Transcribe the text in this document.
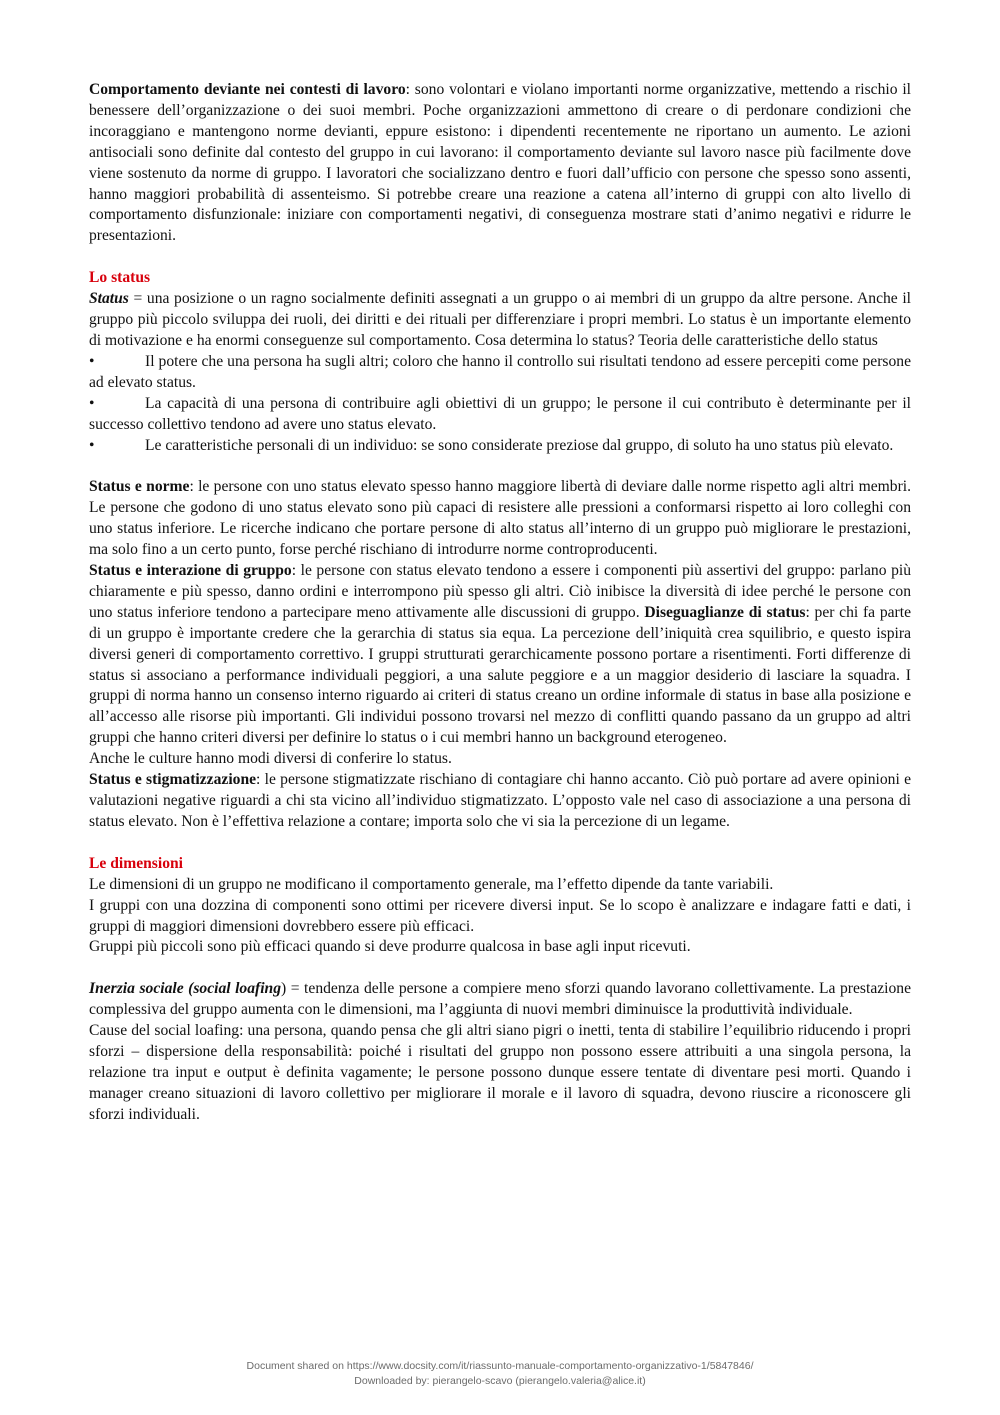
Comportamento deviante nei contesti di lavoro: sono volontari e violano importanti norme organizzative, mettendo a rischio il benessere dell’organizzazione o dei suoi membri. Poche organizzazioni ammettono di creare o di perdonare condizioni che incoraggiano e mantengono norme devianti, eppure esistono: i dipendenti recentemente ne riportano un aumento. Le azioni antisociali sono definite dal contesto del gruppo in cui lavorano: il comportamento deviante sul lavoro nasce più facilmente dove viene sostenuto da norme di gruppo. I lavoratori che socializzano dentro e fuori dall’ufficio con persone che spesso sono assenti, hanno maggiori probabilità di assenteismo. Si potrebbe creare una reazione a catena all’interno di gruppi con alto livello di comportamento disfunzionale: iniziare con comportamenti negativi, di conseguenza mostrare stati d’animo negativi e ridurre le presentazioni.

Lo status

Status = una posizione o un ragno socialmente definiti assegnati a un gruppo o ai membri di un gruppo da altre persone. Anche il gruppo più piccolo sviluppa dei ruoli, dei diritti e dei rituali per differenziare i propri membri. Lo status è un importante elemento di motivazione e ha enormi conseguenze sul comportamento. Cosa determina lo status? Teoria delle caratteristiche dello status

•	Il potere che una persona ha sugli altri; coloro che hanno il controllo sui risultati tendono ad essere percepiti come persone ad elevato status.

•	La capacità di una persona di contribuire agli obiettivi di un gruppo; le persone il cui contributo è determinante per il successo collettivo tendono ad avere uno status elevato.

•	Le caratteristiche personali di un individuo: se sono considerate preziose dal gruppo, di soluto ha uno status più elevato.

Status e norme: le persone con uno status elevato spesso hanno maggiore libertà di deviare dalle norme rispetto agli altri membri. Le persone che godono di uno status elevato sono più capaci di resistere alle pressioni a conformarsi rispetto ai loro colleghi con uno status inferiore. Le ricerche indicano che portare persone di alto status all’interno di un gruppo può migliorare le prestazioni, ma solo fino a un certo punto, forse perché rischiano di introdurre norme controproducenti.

Status e interazione di gruppo: le persone con status elevato tendono a essere i componenti più assertivi del gruppo: parlano più chiaramente e più spesso, danno ordini e interrompono più spesso gli altri. Ciò inibisce la diversità di idee perché le persone con uno status inferiore tendono a partecipare meno attivamente alle discussioni di gruppo. Diseguaglianze di status: per chi fa parte di un gruppo è importante credere che la gerarchia di status sia equa. La percezione dell’iniquità crea squilibrio, e questo ispira diversi generi di comportamento correttivo. I gruppi strutturati gerarchicamente possono portare a risentimenti. Forti differenze di status si associano a performance individuali peggiori, a una salute peggiore e a un maggior desiderio di lasciare la squadra. I gruppi di norma hanno un consenso interno riguardo ai criteri di status creano un ordine informale di status in base alla posizione e all’accesso alle risorse più importanti. Gli individui possono trovarsi nel mezzo di conflitti quando passano da un gruppo ad altri gruppi che hanno criteri diversi per definire lo status o i cui membri hanno un background eterogeneo.

Anche le culture hanno modi diversi di conferire lo status.

Status e stigmatizzazione: le persone stigmatizzate rischiano di contagiare chi hanno accanto. Ciò può portare ad avere opinioni e valutazioni negative riguardi a chi sta vicino all’individuo stigmatizzato. L’opposto vale nel caso di associazione a una persona di status elevato. Non è l’effettiva relazione a contare; importa solo che vi sia la percezione di un legame.

Le dimensioni

Le dimensioni di un gruppo ne modificano il comportamento generale, ma l’effetto dipende da tante variabili.

I gruppi con una dozzina di componenti sono ottimi per ricevere diversi input. Se lo scopo è analizzare e indagare fatti e dati, i gruppi di maggiori dimensioni dovrebbero essere più efficaci.

Gruppi più piccoli sono più efficaci quando si deve produrre qualcosa in base agli input ricevuti.

Inerzia sociale (social loafing) = tendenza delle persone a compiere meno sforzi quando lavorano collettivamente. La prestazione complessiva del gruppo aumenta con le dimensioni, ma l’aggiunta di nuovi membri diminuisce la produttività individuale.

Cause del social loafing: una persona, quando pensa che gli altri siano pigri o inetti, tenta di stabilire l’equilibrio riducendo i propri sforzi – dispersione della responsabilità: poiché i risultati del gruppo non possono essere attribuiti a una singola persona, la relazione tra input e output è definita vagamente; le persone possono dunque essere tentate di diventare pesi morti. Quando i manager creano situazioni di lavoro collettivo per migliorare il morale e il lavoro di squadra, devono riuscire a riconoscere gli sforzi individuali.

Document shared on https://www.docsity.com/it/riassunto-manuale-comportamento-organizzativo-1/5847846/
Downloaded by: pierangelo-scavo (pierangelo.valeria@alice.it)
